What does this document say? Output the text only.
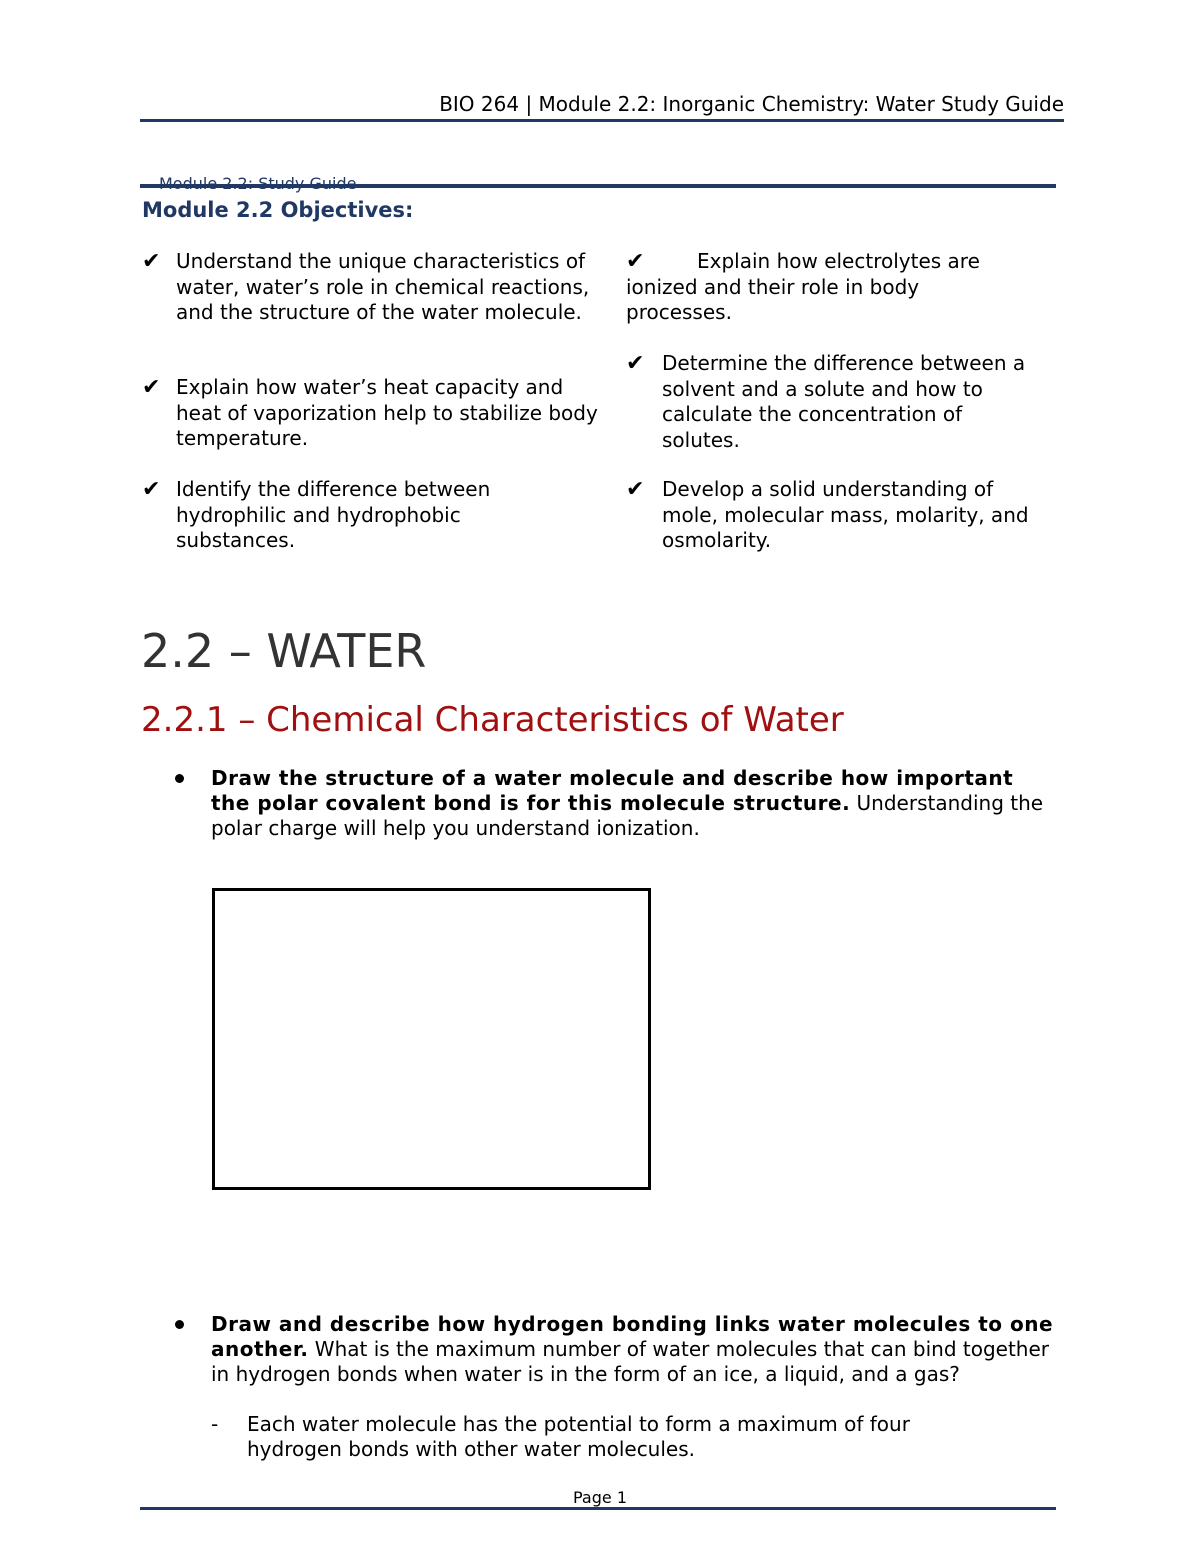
BIO 264 | Module 2.2: Inorganic Chemistry: Water Study Guide
Module 2.2: Study Guide
Module 2.2 Objectives:
✔ Understand the unique characteristics of water, water’s role in chemical reactions, and the structure of the water molecule.
✔ Explain how water’s heat capacity and heat of vaporization help to stabilize body temperature.
✔ Identify the difference between hydrophilic and hydrophobic substances.
✔	Explain how electrolytes are ionized and their role in body processes.
✔ Determine the difference between a solvent and a solute and how to calculate the concentration of solutes.
✔ Develop a solid understanding of mole, molecular mass, molarity, and osmolarity.
2.2 – WATER
2.2.1 – Chemical Characteristics of Water
Draw the structure of a water molecule and describe how important the polar covalent bond is for this molecule structure. Understanding the polar charge will help you understand ionization.
Draw and describe how hydrogen bonding links water molecules to one another. What is the maximum number of water molecules that can bind together in hydrogen bonds when water is in the form of an ice, a liquid, and a gas?
- Each water molecule has the potential to form a maximum of four hydrogen bonds with other water molecules.
Page 1
